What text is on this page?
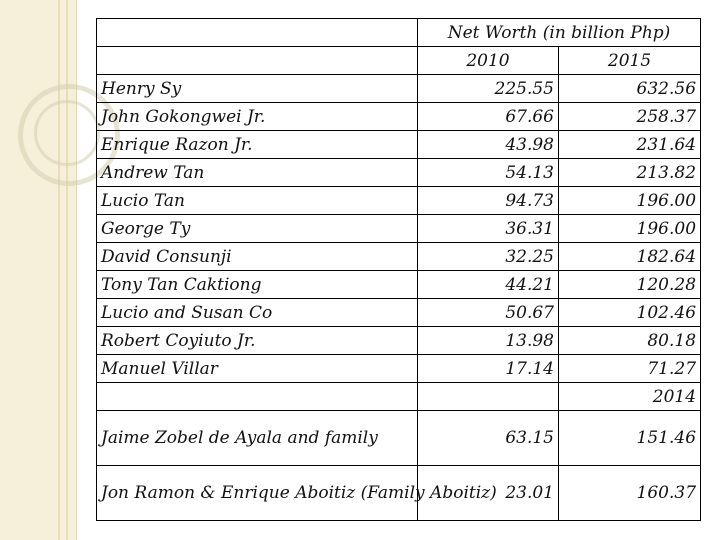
	Net Worth (in billion Php)	
	2010	2015
Henry Sy	225.55	632.56
John Gokongwei Jr.	67.66	258.37
Enrique Razon Jr.	43.98	231.64
Andrew Tan	54.13	213.82
Lucio Tan	94.73	196.00
George Ty	36.31	196.00
David Consunji	32.25	182.64
Tony Tan Caktiong	44.21	120.28
Lucio and Susan Co	50.67	102.46
Robert Coyiuto Jr.	13.98	80.18
Manuel Villar	17.14	71.27
		2014
Jaime Zobel de Ayala and family	63.15	151.46
Jon Ramon & Enrique Aboitiz (Family Aboitiz)	23.01	160.37
